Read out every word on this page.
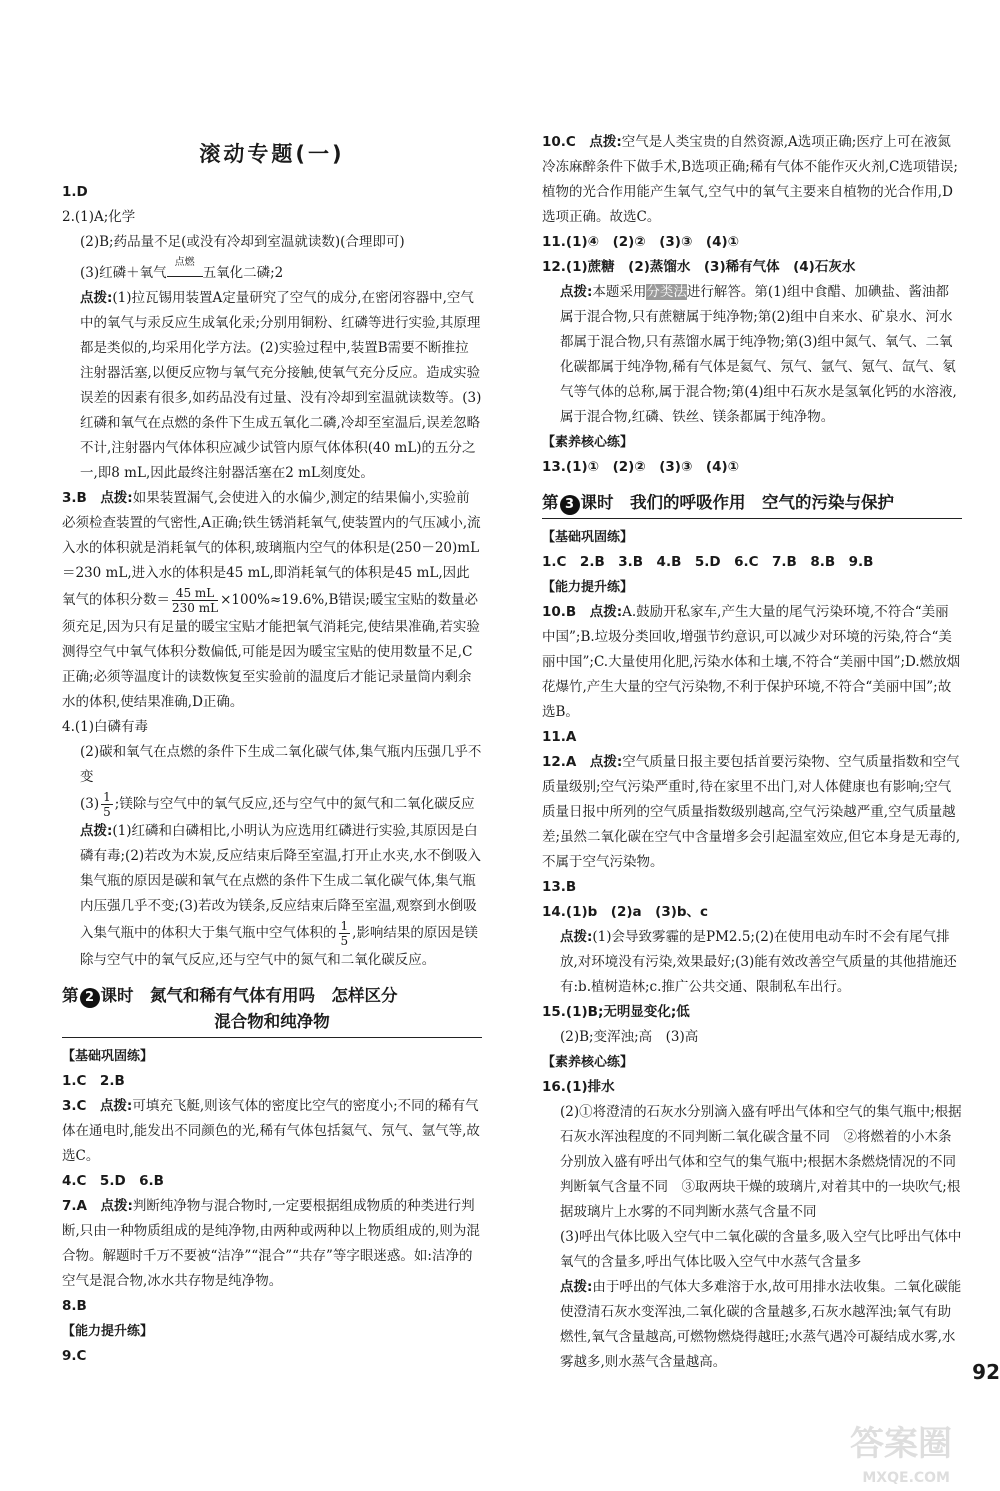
滚动专题(一)

1.D

2.(1)A;化学

(2)B;药品量不足(或没有冷却到室温就读数)(合理即可)

(3)红磷＋氧气
点燃
五氧化二磷;2

点拨:(1)拉瓦锡用装置A定量研究了空气的成分,在密闭容器中,空气中的氧气与汞反应生成氧化汞;分别用铜粉、红磷等进行实验,其原理都是类似的,均采用化学方法。(2)实验过程中,装置B需要不断推拉注射器活塞,以便反应物与氧气充分接触,使氧气充分反应。造成实验误差的因素有很多,如药品没有过量、没有冷却到室温就读数等。(3)红磷和氧气在点燃的条件下生成五氧化二磷,冷却至室温后,误差忽略不计,注射器内气体体积应减少试管内原气体体积(40 mL)的五分之一,即8 mL,因此最终注射器活塞在2 mL刻度处。

3.B　 点拨:如果装置漏气,会使进入的水偏少,测定的结果偏小,实验前必须检查装置的气密性,A正确;铁生锈消耗氧气,使装置内的气压减小,流入水的体积就是消耗氧气的体积,玻璃瓶内空气的体积是(250－20)mL＝230 mL,进入水的体积是45 mL,即消耗氧气的体积是45 mL,因此氧气的体积分数＝ $\frac{45 mL}{230 mL} \times 100\%\approx 19.6\%,B$错误;暖宝宝贴的数量必须充足,因为只有足量的暖宝宝贴才能把氧气消耗完,使结果准确,若实验测得空气中氧气体积分数偏低,可能是因为暖宝宝贴的使用数量不足,C正确;必须等温度计的读数恢复至实验前的温度后才能记录量筒内剩余水的体积,使结果准确,D正确。

4.(1)白磷有毒

(2)碳和氧气在点燃的条件下生成二氧化碳气体,集气瓶内压强几乎不变

$(3) \frac{1}{5}$ ;镁除与空气中的氧气反应,还与空气中的氮气和二氧化碳反应

点拨:(1)红磷和白磷相比,小明认为应选用红磷进行实验,其原因是白磷有毒;(2)若改为木炭,反应结束后降至室温,打开止水夹,水不倒吸入集气瓶的原因是碳和氧气在点燃的条件下生成二氧化碳气体,集气瓶内压强几乎不变;(3)若改为镁条,反应结束后降至室温,观察到水倒吸入集气瓶中的体积大于集气瓶中空气体积的 $\frac{1}{5}$ ,影响结果的原因是镁除与空气中的氧气反应,还与空气中的氮气和二氧化碳反应。

第 2 课时　氮气和稀有气体有用吗　怎样区分
混合物和纯净物

【基础巩固练】

1.C　2.B

3.C　 点拨:可填充飞艇,则该气体的密度比空气的密度小;不同的稀有气体在通电时,能发出不同颜色的光,稀有气体包括氦气、氖气、氩气等,故选C。

4.C　5.D　6.B

7.A　 点拨:判断纯净物与混合物时,一定要根据组成物质的种类进行判断,只由一种物质组成的是纯净物,由两种或两种以上物质组成的,则为混合物。解题时千万不要被“洁净”“混合”“共存”等字眼迷惑。如:洁净的空气是混合物,冰水共存物是纯净物。

8.B

【能力提升练】

9.C

10.C　 点拨:空气是人类宝贵的自然资源,A选项正确;医疗上可在液氮冷冻麻醉条件下做手术,B选项正确;稀有气体不能作灭火剂,C选项错误;植物的光合作用能产生氧气,空气中的氧气主要来自植物的光合作用,D选项正确。故选C。

11.(1)④　(2)②　(3)③　(4)①

12.(1)蔗糖　(2)蒸馏水　(3)稀有气体　(4)石灰水

点拨:本题采用分类法进行解答。第(1)组中食醋、加碘盐、酱油都属于混合物,只有蔗糖属于纯净物;第(2)组中自来水、矿泉水、河水都属于混合物,只有蒸馏水属于纯净物;第(3)组中氮气、氧气、二氧化碳都属于纯净物,稀有气体是氦气、氖气、氩气、氪气、氙气、氡气等气体的总称,属于混合物;第(4)组中石灰水是氢氧化钙的水溶液,属于混合物,红磷、铁丝、镁条都属于纯净物。

【素养核心练】

13.(1)①　(2)②　(3)③　(4)①

第 3 课时　我们的呼吸作用　空气的污染与保护

【基础巩固练】

1.C　2.B　3.B　4.B　5.D　6.C　7.B　8.B　9.B

【能力提升练】

10.B　 点拨:A.鼓励开私家车,产生大量的尾气污染环境,不符合“美丽中国”;B.垃圾分类回收,增强节约意识,可以减少对环境的污染,符合“美丽中国”;C.大量使用化肥,污染水体和土壤,不符合“美丽中国”;D.燃放烟花爆竹,产生大量的空气污染物,不利于保护环境,不符合“美丽中国”;故选B。

11.A

12.A　 点拨:空气质量日报主要包括首要污染物、空气质量指数和空气质量级别;空气污染严重时,待在家里不出门,对人体健康也有影响;空气质量日报中所列的空气质量指数级别越高,空气污染越严重,空气质量越差;虽然二氧化碳在空气中含量增多会引起温室效应,但它本身是无毒的,不属于空气污染物。

13.B

14.(1)b　(2)a　(3)b、c

点拨:(1)会导致雾霾的是PM2.5;(2)在使用电动车时不会有尾气排放,对环境没有污染,效果最好;(3)能有效改善空气质量的其他措施还有:b.植树造林;c.推广公共交通、限制私车出行。

15.(1)B;无明显变化;低

(2)B;变浑浊;高　(3)高

【素养核心练】

16.(1)排水

(2)①将澄清的石灰水分别滴入盛有呼出气体和空气的集气瓶中;根据石灰水浑浊程度的不同判断二氧化碳含量不同　②将燃着的小木条分别放入盛有呼出气体和空气的集气瓶中;根据木条燃烧情况的不同判断氧气含量不同　③取两块干燥的玻璃片,对着其中的一块吹气;根据玻璃片上水雾的不同判断水蒸气含量不同

(3)呼出气体比吸入空气中二氧化碳的含量多,吸入空气比呼出气体中氧气的含量多,呼出气体比吸入空气中水蒸气含量多

点拨:由于呼出的气体大多难溶于水,故可用排水法收集。二氧化碳能使澄清石灰水变浑浊,二氧化碳的含量越多,石灰水越浑浊;氧气有助燃性,氧气含量越高,可燃物燃烧得越旺;水蒸气遇冷可凝结成水雾,水雾越多,则水蒸气含量越高。	92
答案圈
MXQE.COM
